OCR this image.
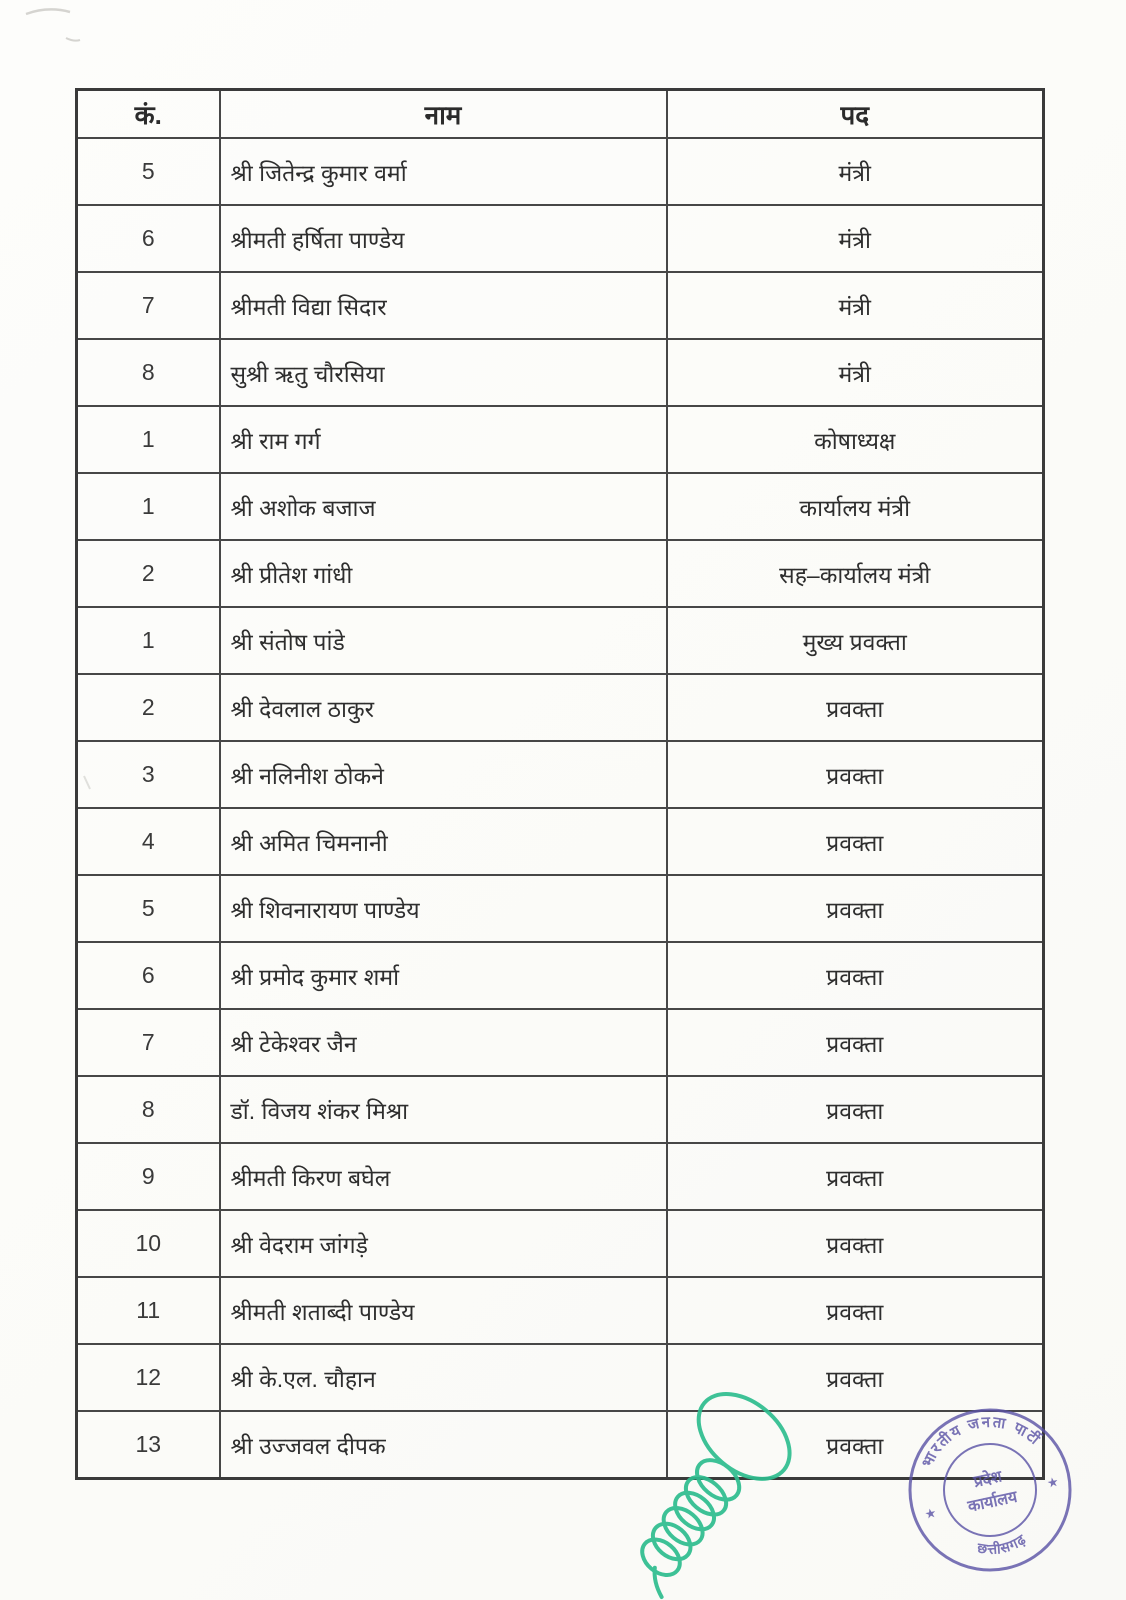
कं.	नाम	पद
5	श्री जितेन्द्र कुमार वर्मा	मंत्री
6	श्रीमती हर्षिता पाण्डेय	मंत्री
7	श्रीमती विद्या सिदार	मंत्री
8	सुश्री ऋतु चौरसिया	मंत्री
1	श्री राम गर्ग	कोषाध्यक्ष
1	श्री अशोक बजाज	कार्यालय मंत्री
2	श्री प्रीतेश गांधी	सह–कार्यालय मंत्री
1	श्री संतोष पांडे	मुख्य प्रवक्ता
2	श्री देवलाल ठाकुर	प्रवक्ता
3	श्री नलिनीश ठोकने	प्रवक्ता
4	श्री अमित चिमनानी	प्रवक्ता
5	श्री शिवनारायण पाण्डेय	प्रवक्ता
6	श्री प्रमोद कुमार शर्मा	प्रवक्ता
7	श्री टेकेश्वर जैन	प्रवक्ता
8	डॉ. विजय शंकर मिश्रा	प्रवक्ता
9	श्रीमती किरण बघेल	प्रवक्ता
10	श्री वेदराम जांगड़े	प्रवक्ता
11	श्रीमती शताब्दी पाण्डेय	प्रवक्ता
12	श्री के.एल. चौहान	प्रवक्ता
13	श्री उज्जवल दीपक	प्रवक्ता
भारतीय जनता पार्टी
छत्तीसगढ़
प्रदेश
कार्यालय
★
★
